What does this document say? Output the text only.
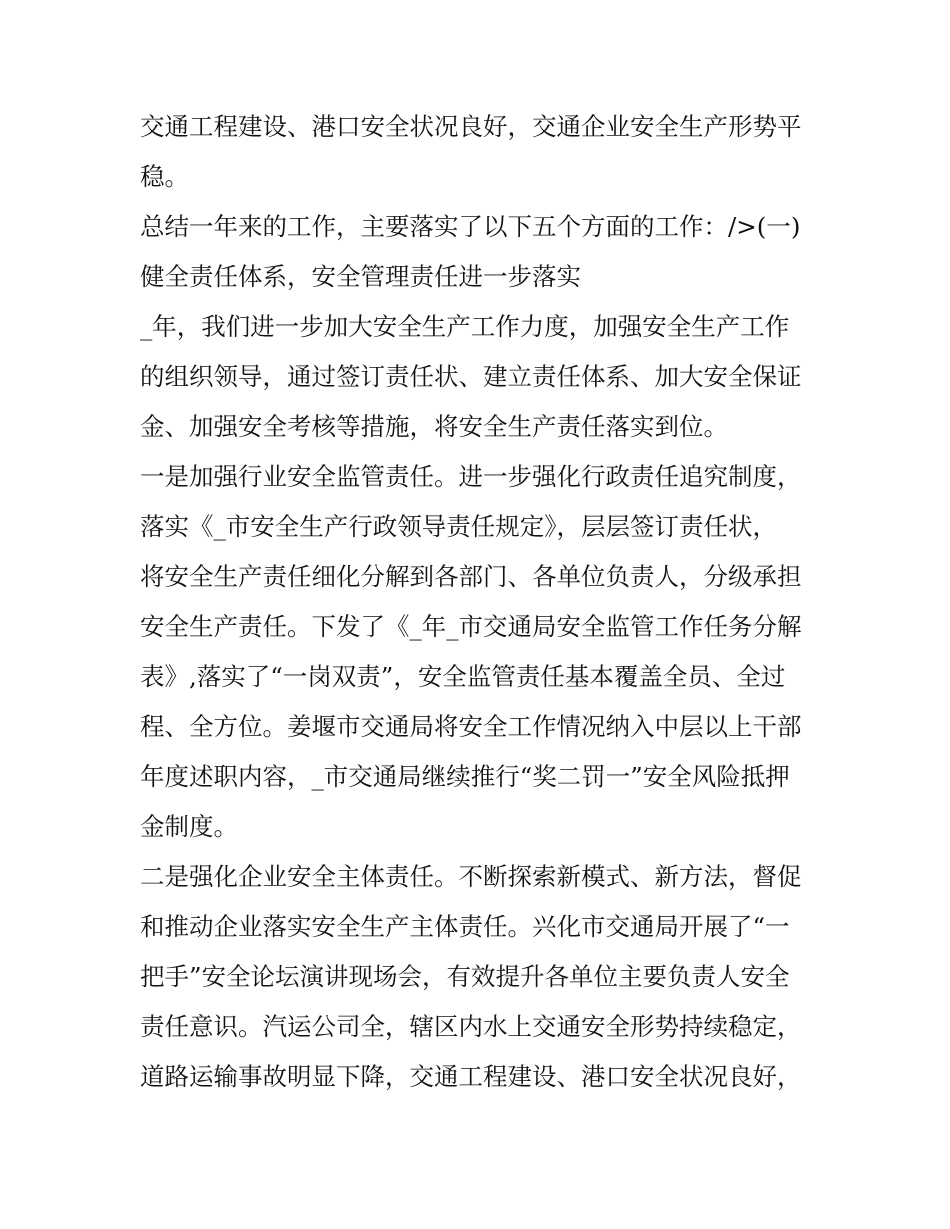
交通工程建设、港口安全状况良好，交通企业安全生产形势平
稳。
总结一年来的工作，主要落实了以下五个方面的工作：/>(一)
健全责任体系，安全管理责任进一步落实
_年，我们进一步加大安全生产工作力度，加强安全生产工作
的组织领导，通过签订责任状、建立责任体系、加大安全保证
金、加强安全考核等措施，将安全生产责任落实到位。
一是加强行业安全监管责任。进一步强化行政责任追究制度，
落实《_市安全生产行政领导责任规定》，层层签订责任状，
将安全生产责任细化分解到各部门、各单位负责人，分级承担
安全生产责任。下发了《_年_市交通局安全监管工作任务分解
表》,落实了“一岗双责”，安全监管责任基本覆盖全员、全过
程、全方位。姜堰市交通局将安全工作情况纳入中层以上干部
年度述职内容，_市交通局继续推行“奖二罚一”安全风险抵押
金制度。
二是强化企业安全主体责任。不断探索新模式、新方法，督促
和推动企业落实安全生产主体责任。兴化市交通局开展了“一
把手”安全论坛演讲现场会，有效提升各单位主要负责人安全
责任意识。汽运公司全，辖区内水上交通安全形势持续稳定，
道路运输事故明显下降，交通工程建设、港口安全状况良好，
